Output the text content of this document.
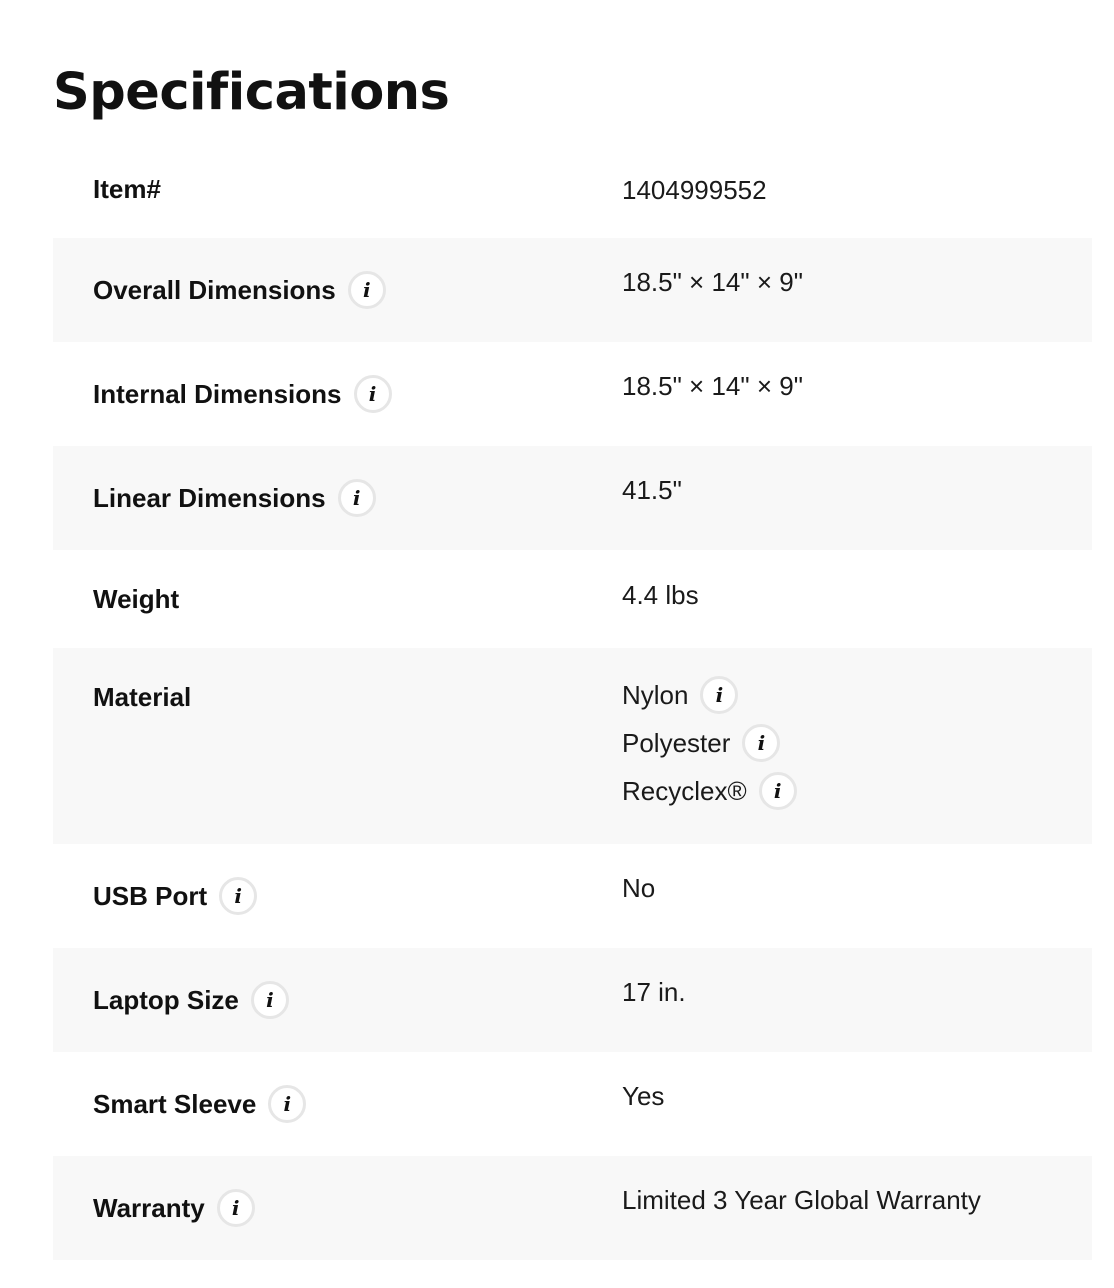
Specifications
Item#	1404999552
Overall Dimensions	i	18.5" × 14" × 9"
Internal Dimensions	i	18.5" × 14" × 9"
Linear Dimensions	i	41.5"
Weight	4.4 lbs
Material	Nylon	i
Polyester	i
Recyclex®	i
USB Port	i	No
Laptop Size	i	17 in.
Smart Sleeve	i	Yes
Warranty	i	Limited 3 Year Global Warranty
